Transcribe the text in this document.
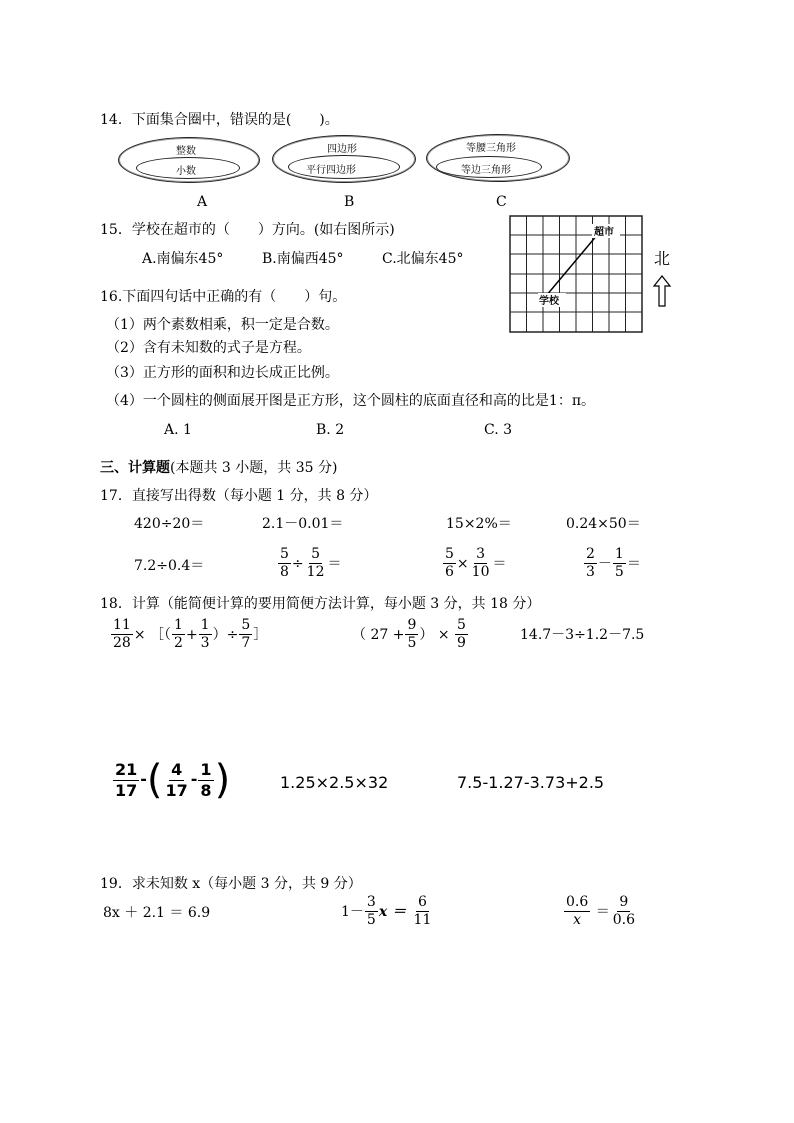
14．下面集合圈中，错误的是(　　)。
整数
小数
四边形
平行四边形
等腰三角形
等边三角形
A	B	C
15．学校在超市的（　　）方向。(如右图所示)
A.南偏东45°	B.南偏西45°	C.北偏东45°
超市
学校
北
16.下面四句话中正确的有（　　）句。
（1）两个素数相乘，积一定是合数。
（2）含有未知数的式子是方程。
（3）正方形的面积和边长成正比例。
（4）一个圆柱的侧面展开图是正方形，这个圆柱的底面直径和高的比是1：π。
A. 1	B. 2	C. 3
三、计算题(本题共 3 小题，共 35 分)
17．直接写出得数（每小题 1 分，共 8 分）
420÷20＝	2.1－0.01＝	15×2%＝	0.24×50＝
7.2÷0.4＝	$\frac{5}{8} \div \frac{5}{12}$ ＝	$\frac{5}{6} \times \frac{3}{10}$ ＝	$\frac{2}{3} - \frac{1}{5}$ ＝
18．计算（能简便计算的要用简便方法计算，每小题 3 分，共 18 分）
$\frac{11}{28}$ × ［（ $\frac{1}{2} + \frac{1}{3}$ ）÷ $\frac{5}{7}$ ］	（ $27 + \frac{9}{5}$ ） × $\frac{5}{9}$	14.7－3÷1.2－7.5
$\frac{21}{17}$ -( $\frac{4}{17} - \frac{1}{8}$ )	1.25×2.5×32	7.5-1.27-3.73+2.5
19．求未知数 x（每小题 3 分，共 9 分）
8x ＋ 2.1 ＝ 6.9	$1- \frac{3}{5}$ $x = \frac{6}{11}$	$\frac{0.6}{x} = \frac{9}{0.6}$
